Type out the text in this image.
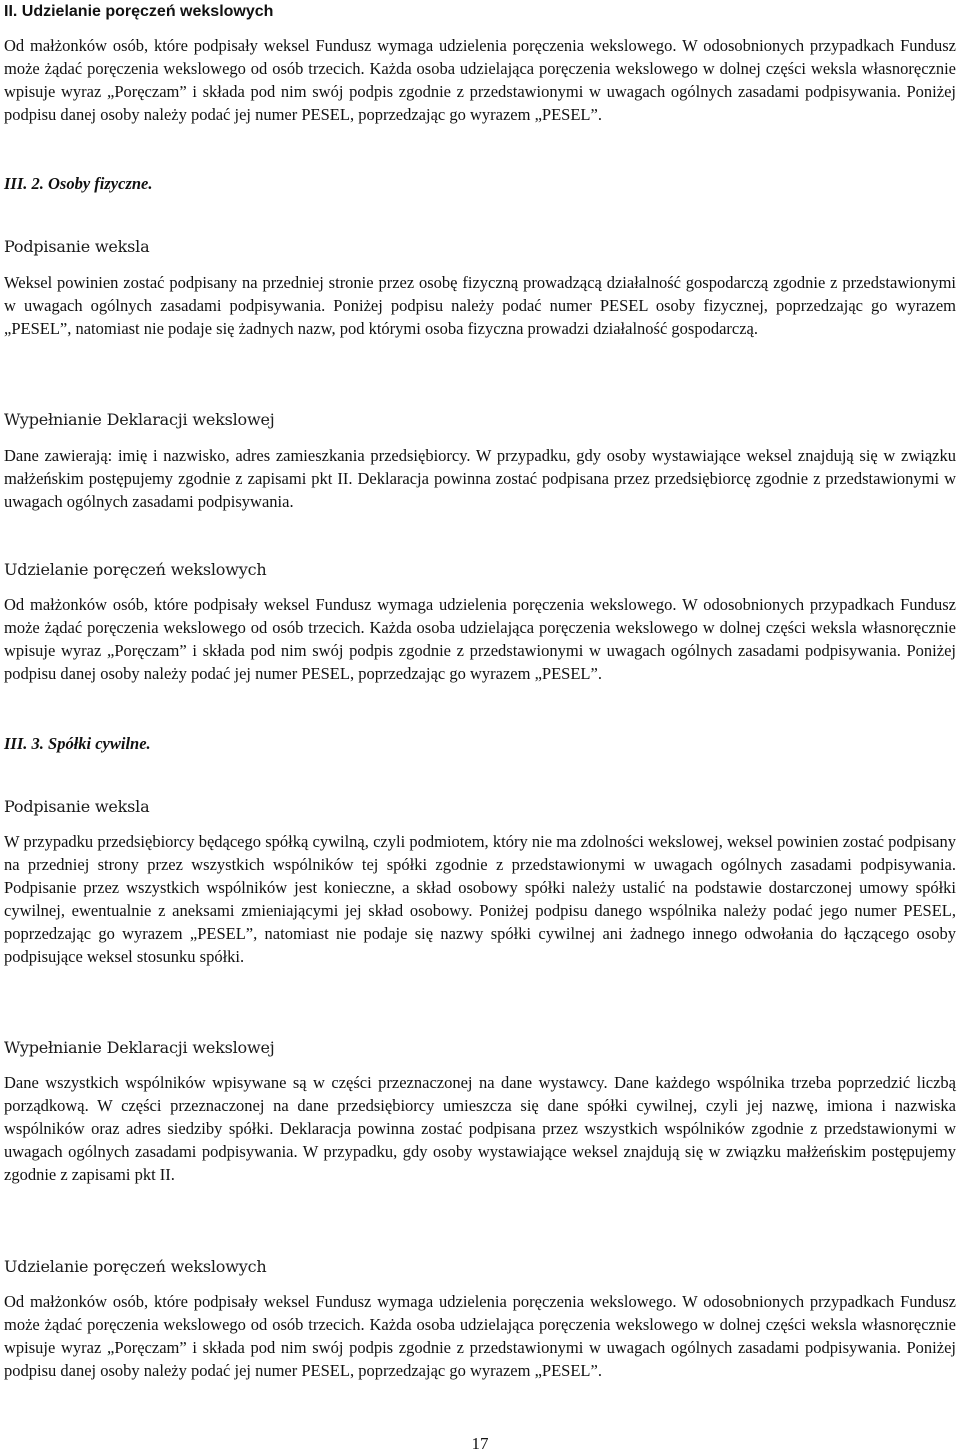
II. Udzielanie poręczeń wekslowych
Od małżonków osób, które podpisały weksel Fundusz wymaga udzielenia poręczenia wekslowego. W odosobnionych przypadkach Fundusz może żądać poręczenia wekslowego od osób trzecich. Każda osoba udzielająca poręczenia wekslowego w dolnej części weksla własnoręcznie wpisuje wyraz „Poręczam” i składa pod nim swój podpis zgodnie z przedstawionymi w uwagach ogólnych zasadami podpisywania. Poniżej podpisu danej osoby należy podać jej numer PESEL, poprzedzając go wyrazem „PESEL”.
III. 2. Osoby fizyczne.
Podpisanie weksla
Weksel powinien zostać podpisany na przedniej stronie przez osobę fizyczną prowadzącą działalność gospodarczą zgodnie z przedstawionymi w uwagach ogólnych zasadami podpisywania. Poniżej podpisu należy podać numer PESEL osoby fizycznej, poprzedzając go wyrazem „PESEL”, natomiast nie podaje się żadnych nazw, pod którymi osoba fizyczna prowadzi działalność gospodarczą.
Wypełnianie Deklaracji wekslowej
Dane zawierają: imię i nazwisko, adres zamieszkania przedsiębiorcy. W przypadku, gdy osoby wystawiające weksel znajdują się w związku małżeńskim postępujemy zgodnie z zapisami pkt II. Deklaracja powinna zostać podpisana przez przedsiębiorcę zgodnie z przedstawionymi w uwagach ogólnych zasadami podpisywania.
Udzielanie poręczeń wekslowych
Od małżonków osób, które podpisały weksel Fundusz wymaga udzielenia poręczenia wekslowego. W odosobnionych przypadkach Fundusz może żądać poręczenia wekslowego od osób trzecich. Każda osoba udzielająca poręczenia wekslowego w dolnej części weksla własnoręcznie wpisuje wyraz „Poręczam” i składa pod nim swój podpis zgodnie z przedstawionymi w uwagach ogólnych zasadami podpisywania. Poniżej podpisu danej osoby należy podać jej numer PESEL, poprzedzając go wyrazem „PESEL”.
III. 3. Spółki cywilne.
Podpisanie weksla
W przypadku przedsiębiorcy będącego spółką cywilną, czyli podmiotem, który nie ma zdolności wekslowej, weksel powinien zostać podpisany na przedniej strony przez wszystkich wspólników tej spółki zgodnie z przedstawionymi w uwagach ogólnych zasadami podpisywania. Podpisanie przez wszystkich wspólników jest konieczne, a skład osobowy spółki należy ustalić na podstawie dostarczonej umowy spółki cywilnej, ewentualnie z aneksami zmieniającymi jej skład osobowy. Poniżej podpisu danego wspólnika należy podać jego numer PESEL, poprzedzając go wyrazem „PESEL”, natomiast nie podaje się nazwy spółki cywilnej ani żadnego innego odwołania do łączącego osoby podpisujące weksel stosunku spółki.
Wypełnianie Deklaracji wekslowej
Dane wszystkich wspólników wpisywane są w części przeznaczonej na dane wystawcy. Dane każdego wspólnika trzeba poprzedzić liczbą porządkową. W części przeznaczonej na dane przedsiębiorcy umieszcza się dane spółki cywilnej, czyli jej nazwę, imiona i nazwiska wspólników oraz adres siedziby spółki. Deklaracja powinna zostać podpisana przez wszystkich wspólników zgodnie z przedstawionymi w uwagach ogólnych zasadami podpisywania. W przypadku, gdy osoby wystawiające weksel znajdują się w związku małżeńskim postępujemy zgodnie z zapisami pkt II.
Udzielanie poręczeń wekslowych
Od małżonków osób, które podpisały weksel Fundusz wymaga udzielenia poręczenia wekslowego. W odosobnionych przypadkach Fundusz może żądać poręczenia wekslowego od osób trzecich. Każda osoba udzielająca poręczenia wekslowego w dolnej części weksla własnoręcznie wpisuje wyraz „Poręczam” i składa pod nim swój podpis zgodnie z przedstawionymi w uwagach ogólnych zasadami podpisywania. Poniżej podpisu danej osoby należy podać jej numer PESEL, poprzedzając go wyrazem „PESEL”.
17
